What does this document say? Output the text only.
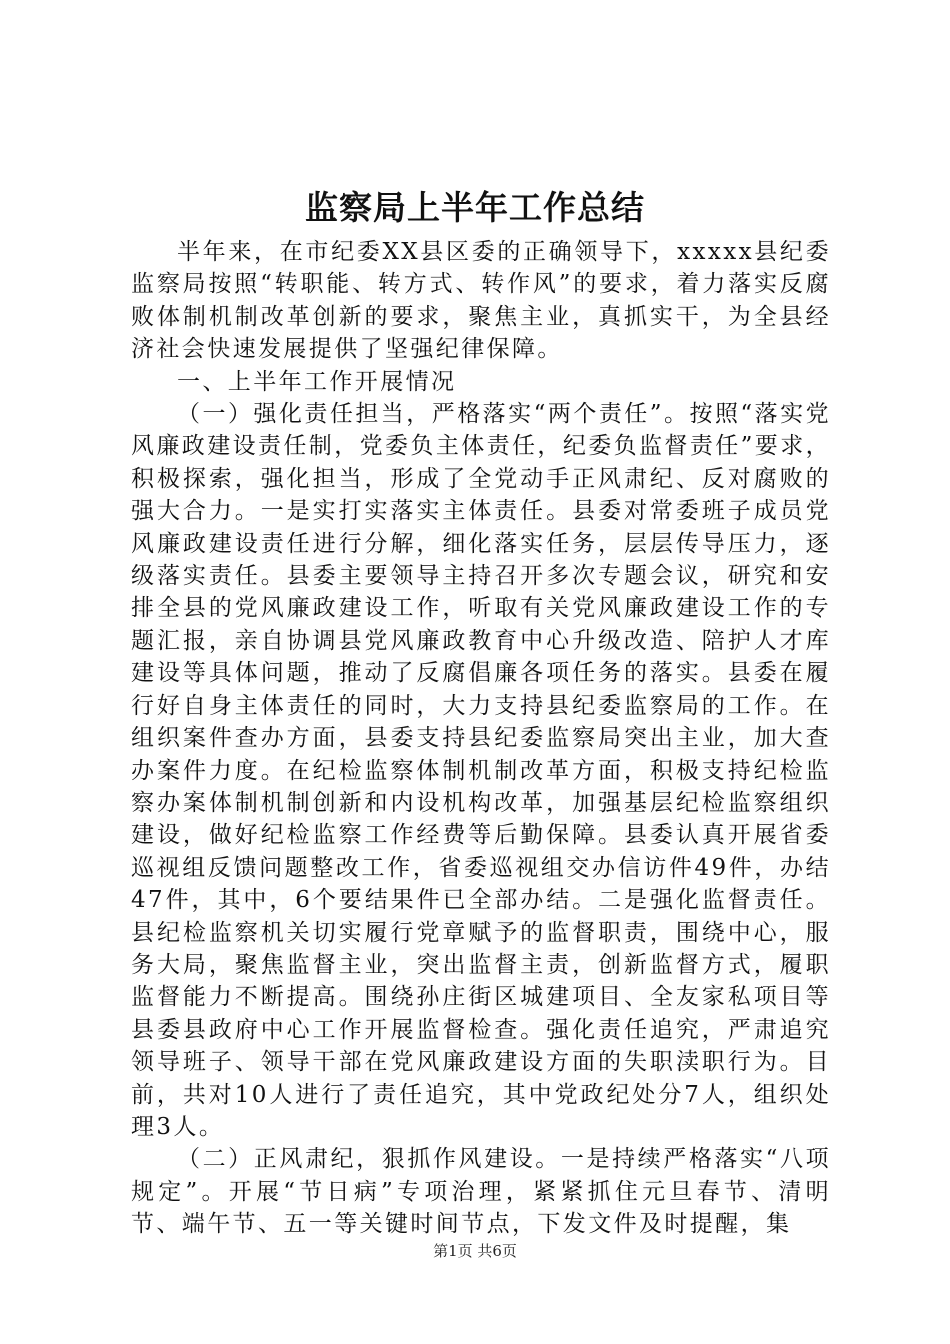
监察局上半年工作总结

半年来，在市纪委XX县区委的正确领导下，xxxxx县纪委监察局按照“转职能、转方式、转作风”的要求，着力落实反腐败体制机制改革创新的要求，聚焦主业，真抓实干，为全县经济社会快速发展提供了坚强纪律保障。

一、上半年工作开展情况

（一）强化责任担当，严格落实“两个责任”。按照“落实党风廉政建设责任制，党委负主体责任，纪委负监督责任”要求，积极探索，强化担当，形成了全党动手正风肃纪、反对腐败的强大合力。一是实打实落实主体责任。县委对常委班子成员党风廉政建设责任进行分解，细化落实任务，层层传导压力，逐级落实责任。县委主要领导主持召开多次专题会议，研究和安排全县的党风廉政建设工作，听取有关党风廉政建设工作的专题汇报，亲自协调县党风廉政教育中心升级改造、陪护人才库建设等具体问题，推动了反腐倡廉各项任务的落实。县委在履行好自身主体责任的同时，大力支持县纪委监察局的工作。在组织案件查办方面，县委支持县纪委监察局突出主业，加大查办案件力度。在纪检监察体制机制改革方面，积极支持纪检监察办案体制机制创新和内设机构改革，加强基层纪检监察组织建设，做好纪检监察工作经费等后勤保障。县委认真开展省委巡视组反馈问题整改工作，省委巡视组交办信访件49件，办结47件，其中，6个要结果件已全部办结。二是强化监督责任。县纪检监察机关切实履行党章赋予的监督职责，围绕中心，服务大局，聚焦监督主业，突出监督主责，创新监督方式，履职监督能力不断提高。围绕孙庄街区城建项目、全友家私项目等县委县政府中心工作开展监督检查。强化责任追究，严肃追究领导班子、领导干部在党风廉政建设方面的失职渎职行为。目前，共对10人进行了责任追究，其中党政纪处分7人，组织处理3人。

（二）正风肃纪，狠抓作风建设。一是持续严格落实“八项规定”。开展“节日病”专项治理，紧紧抓住元旦春节、清明节、端午节、五一等关键时间节点，下发文件及时提醒，集

第1页 共6页
